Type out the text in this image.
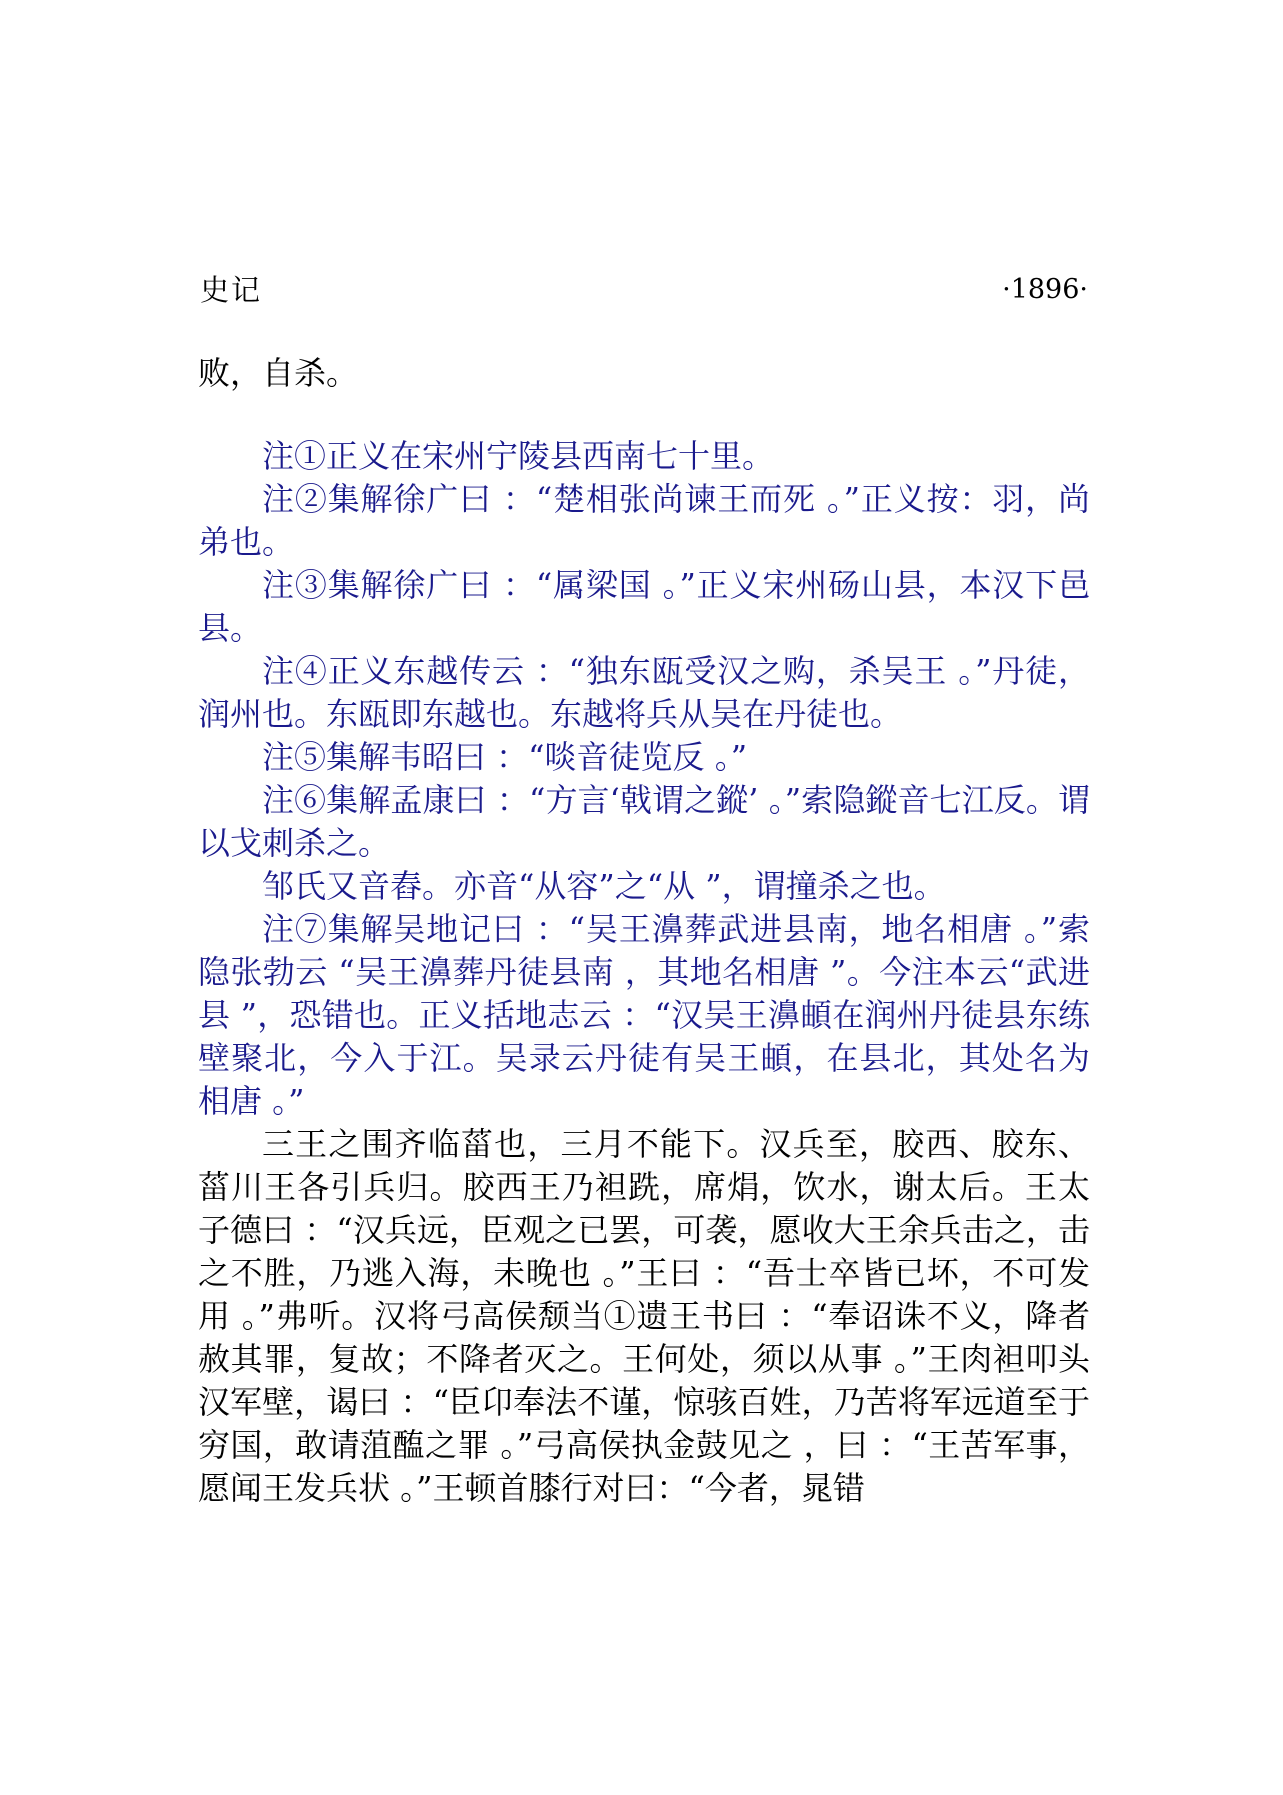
史记	·1896·

败，自杀。

注①正义在宋州宁陵县西南七十里。

注②集解徐广曰 ：“楚相张尚谏王而死 。”正义按：羽，尚弟也。

注③集解徐广曰 ：“属梁国 。”正义宋州砀山县，本汉下邑县。

注④正义东越传云 ：“独东瓯受汉之购，杀吴王 。”丹徒，润州也。东瓯即东越也。东越将兵从吴在丹徒也。

注⑤集解韦昭曰 ：“啖音徒览反 。”

注⑥集解孟康曰 ：“方言‘戟谓之鏦’ 。”索隐鏦音七江反。谓以戈刺杀之。

邹氏又音舂。亦音“从容”之“从 ”，谓撞杀之也。

注⑦集解吴地记曰 ：“吴王濞葬武进县南，地名相唐 。”索隐张勃云 “吴王濞葬丹徒县南 ，其地名相唐 ”。今注本云“武进县 ”，恐错也。正义括地志云 ：“汉吴王濞頔在润州丹徒县东练壁聚北，今入于江。吴录云丹徒有吴王頔，在县北，其处名为相唐 。”

三王之围齐临菑也，三月不能下。汉兵至，胶西、胶东、菑川王各引兵归。胶西王乃袒跣，席焆，饮水，谢太后。王太子德曰 ：“汉兵远，臣观之已罢，可袭，愿收大王余兵击之，击之不胜，乃逃入海，未晚也 。”王曰 ：“吾士卒皆已坏，不可发用 。”弗听。汉将弓高侯颓当①遗王书曰 ：“奉诏诛不义，降者赦其罪，复故；不降者灭之。王何处，须以从事 。”王肉袒叩头汉军壁，谒曰 ：“臣卬奉法不谨，惊骇百姓，乃苦将军远道至于穷国，敢请菹醢之罪 。”弓高侯执金鼓见之 ，曰 ：“王苦军事，愿闻王发兵状 。”王顿首膝行对曰：“今者，晁错
